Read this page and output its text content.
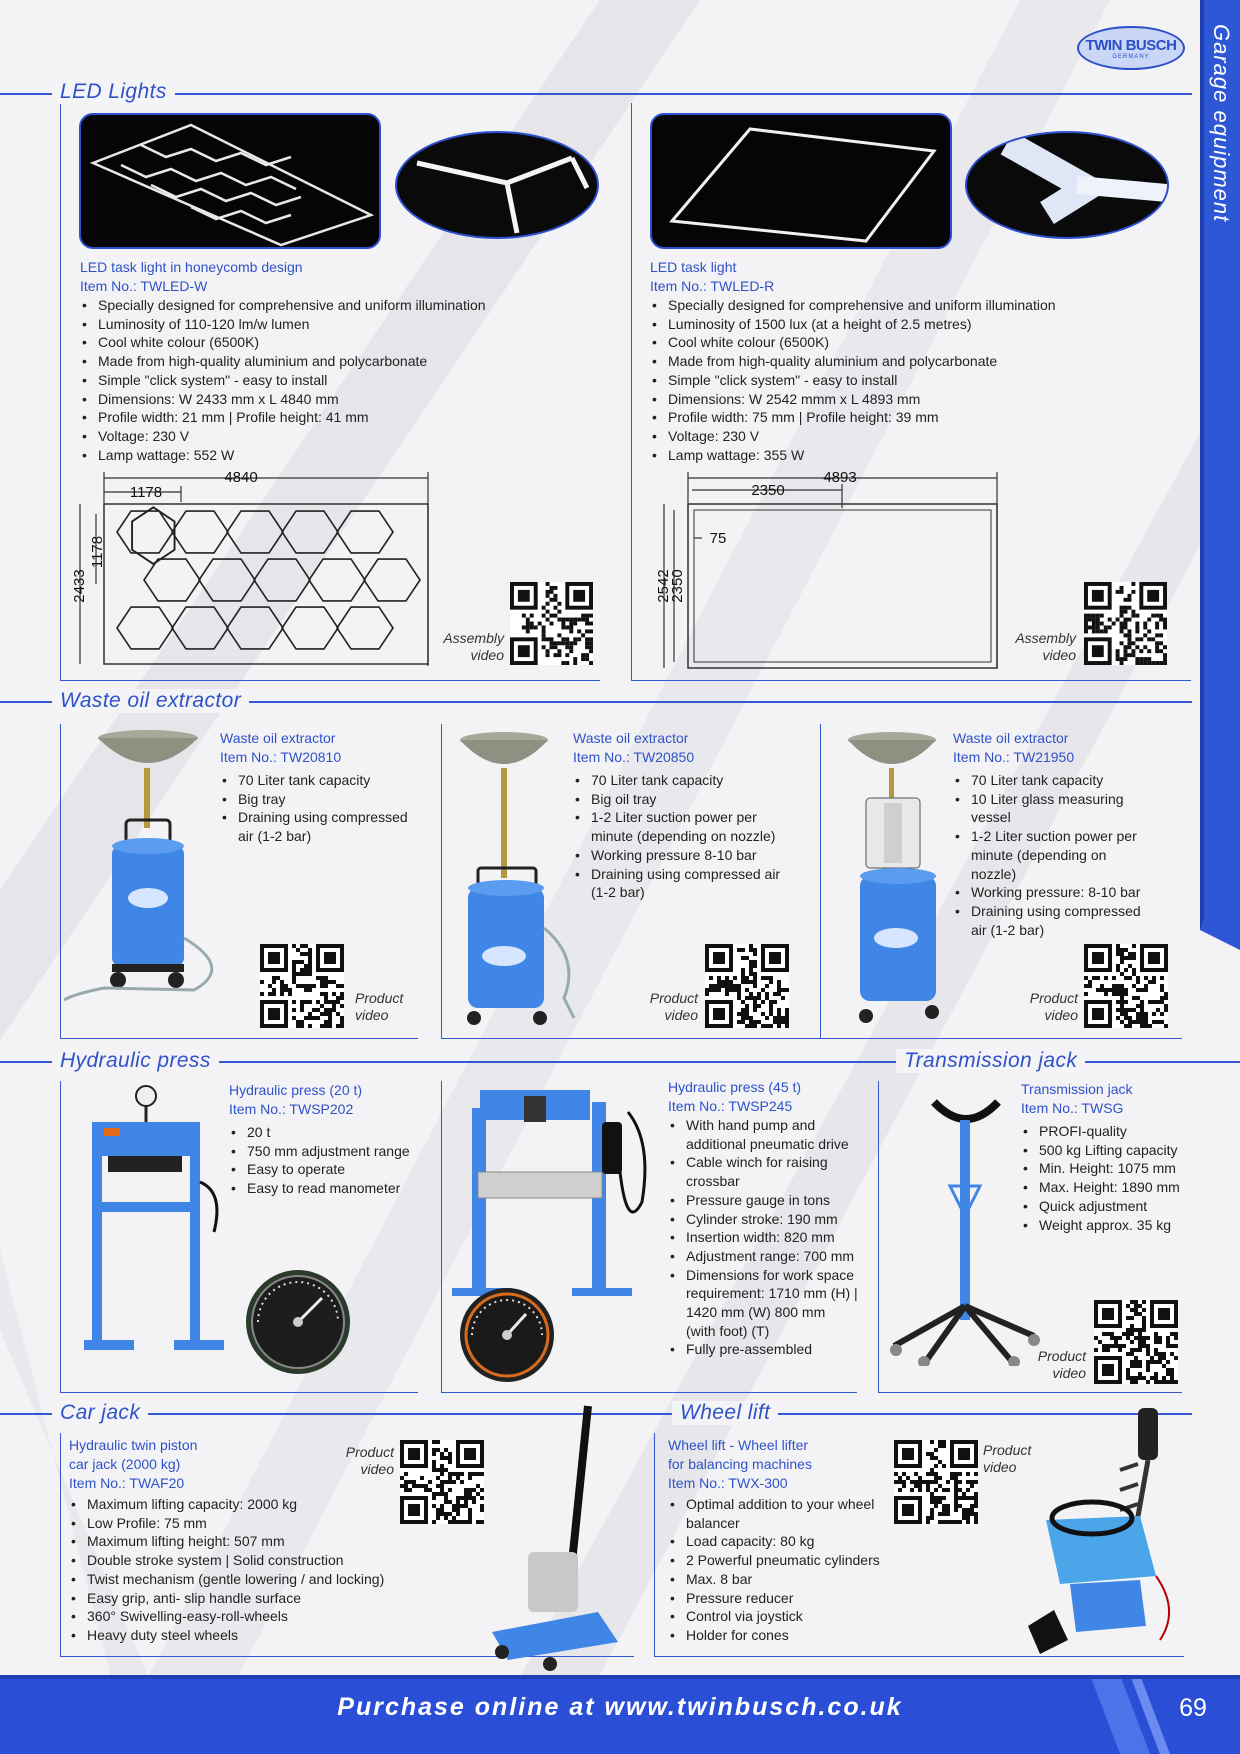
Garage equipment
TWIN BUSCH
GERMANY
LED Lights
LED task light in honeycomb design
Item No.: TWLED-W
• Specially designed for comprehensive and uniform illumination
• Luminosity of 110-120 lm/w lumen
• Cool white colour (6500K)
• Made from high-quality aluminium and polycarbonate
• Simple "click system" - easy to install
• Dimensions: W 2433 mm x L 4840 mm
• Profile width: 21 mm | Profile height: 41 mm
• Voltage: 230 V
• Lamp wattage: 552 W
4840
1178
1178
2433
LED task light
Item No.: TWLED-R
• Specially designed for comprehensive and uniform illumination
• Luminosity of 1500 lux (at a height of 2.5 metres)
• Cool white colour (6500K)
• Made from high-quality aluminium and polycarbonate
• Simple "click system" - easy to install
• Dimensions: W 2542 mmm x L 4893 mm
• Profile width: 75 mm | Profile height: 39 mm
• Voltage: 230 V
• Lamp wattage: 355 W
4893
2350
75
2542
2350
Assembly
video
Assembly
video
Waste oil extractor
Waste oil extractor
Item No.: TW20810
• 70 Liter tank capacity
• Big tray
• Draining using compressed air (1-2 bar)
Product
video
Waste oil extractor
Item No.: TW20850
• 70 Liter tank capacity
• Big oil tray
• 1-2 Liter suction power per minute (depending on nozzle)
• Working pressure 8-10 bar
• Draining using compressed air (1-2 bar)
Product
video
Waste oil extractor
Item No.: TW21950
• 70 Liter tank capacity
• 10 Liter glass measuring vessel
• 1-2 Liter suction power per minute (depending on nozzle)
• Working pressure: 8-10 bar
• Draining using compressed air (1-2 bar)
Product
video
Hydraulic press	Transmission jack
Hydraulic press (20 t)
Item No.: TWSP202
• 20 t
• 750 mm adjustment range
• Easy to operate
• Easy to read manometer
Hydraulic press (45 t)
Item No.: TWSP245
• With hand pump and additional pneumatic drive
• Cable winch for raising crossbar
• Pressure gauge in tons
• Cylinder stroke: 190 mm
• Insertion width: 820 mm
• Adjustment range: 700 mm
• Dimensions for work space requirement: 1710 mm (H) | 1420 mm (W) 800 mm (with foot) (T)
• Fully pre-assembled
Transmission jack
Item No.: TWSG
• PROFI-quality
• 500 kg Lifting capacity
• Min. Height: 1075 mm
• Max. Height: 1890 mm
• Quick adjustment
• Weight approx. 35 kg
Product
video
Car jack	Wheel lift
Hydraulic twin piston
car jack (2000 kg)
Item No.: TWAF20
• Maximum lifting capacity: 2000 kg
• Low Profile: 75 mm
• Maximum lifting height: 507 mm
• Double stroke system | Solid construction
• Twist mechanism (gentle lowering / and locking)
• Easy grip, anti- slip handle surface
• 360° Swivelling-easy-roll-wheels
• Heavy duty steel wheels
Product
video
Wheel lift - Wheel lifter
for balancing machines
Item No.: TWX-300
• Optimal addition to your wheel balancer
• Load capacity: 80 kg
• 2 Powerful pneumatic cylinders
• Max. 8 bar
• Pressure reducer
• Control via joystick
• Holder for cones
Product
video
Purchase online at www.twinbusch.co.uk	69
